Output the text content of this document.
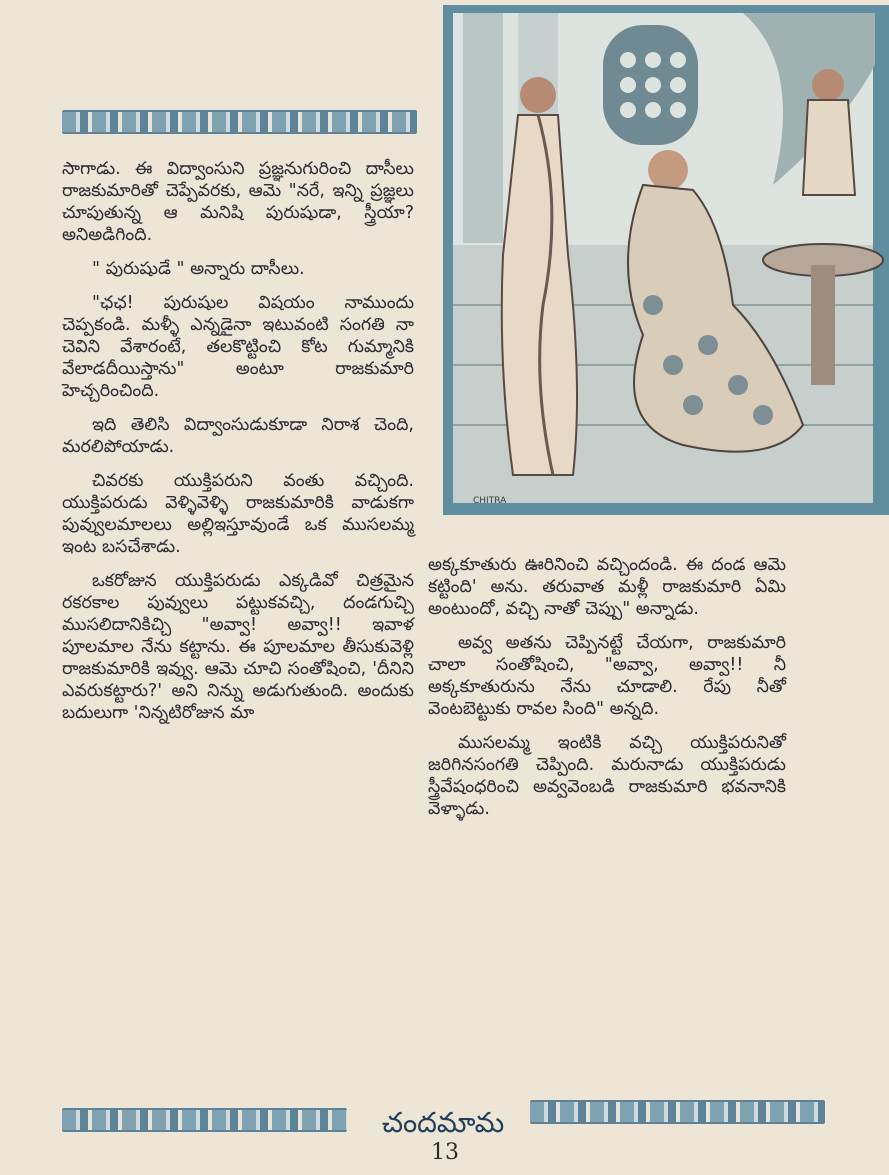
CHITRA

సాగాడు. ఈ విద్వాంసుని ప్రజ్ఞనుగురించి దాసీలు రాజకుమారితో చెప్పేవరకు, ఆమె "నరే, ఇన్ని ప్రజ్ఞలు చూపుతున్న ఆ మనిషి పురుషుడా, స్త్రీయా? అనిఅడిగింది.

" పురుషుడే " అన్నారు దాసీలు.

"ఛఛ! పురుషుల విషయం నాముందు చెప్పకండి. మళ్ళీ ఎన్నడైనా ఇటువంటి సంగతి నా చెవిని వేశారంటే, తలకొట్టించి కోట గుమ్మానికి వేలాడదీయిస్తాను" అంటూ రాజకుమారి హెచ్చరించింది.

ఇది తెలిసి విద్వాంసుడుకూడా నిరాశ చెంది, మరలిపోయాడు.

చివరకు యుక్తిపరుని వంతు వచ్చింది. యుక్తిపరుడు వెళ్ళివెళ్ళి రాజకుమారికి వాడుకగా పువ్వులమాలలు అల్లిఇస్తూవుండే ఒక ముసలమ్మ ఇంట బసచేశాడు.

ఒకరోజున యుక్తిపరుడు ఎక్కడివో చిత్రమైన రకరకాల పువ్వులు పట్టుకవచ్చి, దండగుచ్చి ముసలిదానికిచ్చి "అవ్వా! అవ్వా!! ఇవాళ పూలమాల నేను కట్టాను. ఈ పూలమాల తీసుకువెళ్లి రాజకుమారికి ఇవ్వు. ఆమె చూచి సంతోషించి, 'దీనిని ఎవరుకట్టారు?' అని నిన్ను అడుగుతుంది. అందుకు బదులుగా 'నిన్నటిరోజున మా

అక్కకూతురు ఊరినించి వచ్చిందండి. ఈ దండ ఆమె కట్టింది' అను. తరువాత మళ్లీ రాజకుమారి ఏమి అంటుందో, వచ్చి నాతో చెప్పు" అన్నాడు.

అవ్వ అతను చెప్పినట్టే చేయగా, రాజకుమారి చాలా సంతోషించి, "అవ్వా, అవ్వా!! నీ అక్కకూతురును నేను చూడాలి. రేపు నీతో వెంటబెట్టుకు రావల సింది" అన్నది.

ముసలమ్మ ఇంటికి వచ్చి యుక్తిపరునితో జరిగినసంగతి చెప్పింది. మరునాడు యుక్తిపరుడు స్త్రీవేషంధరించి అవ్వవెంబడి రాజకుమారి భవనానికి వెళ్ళాడు.

చందమామ
13
